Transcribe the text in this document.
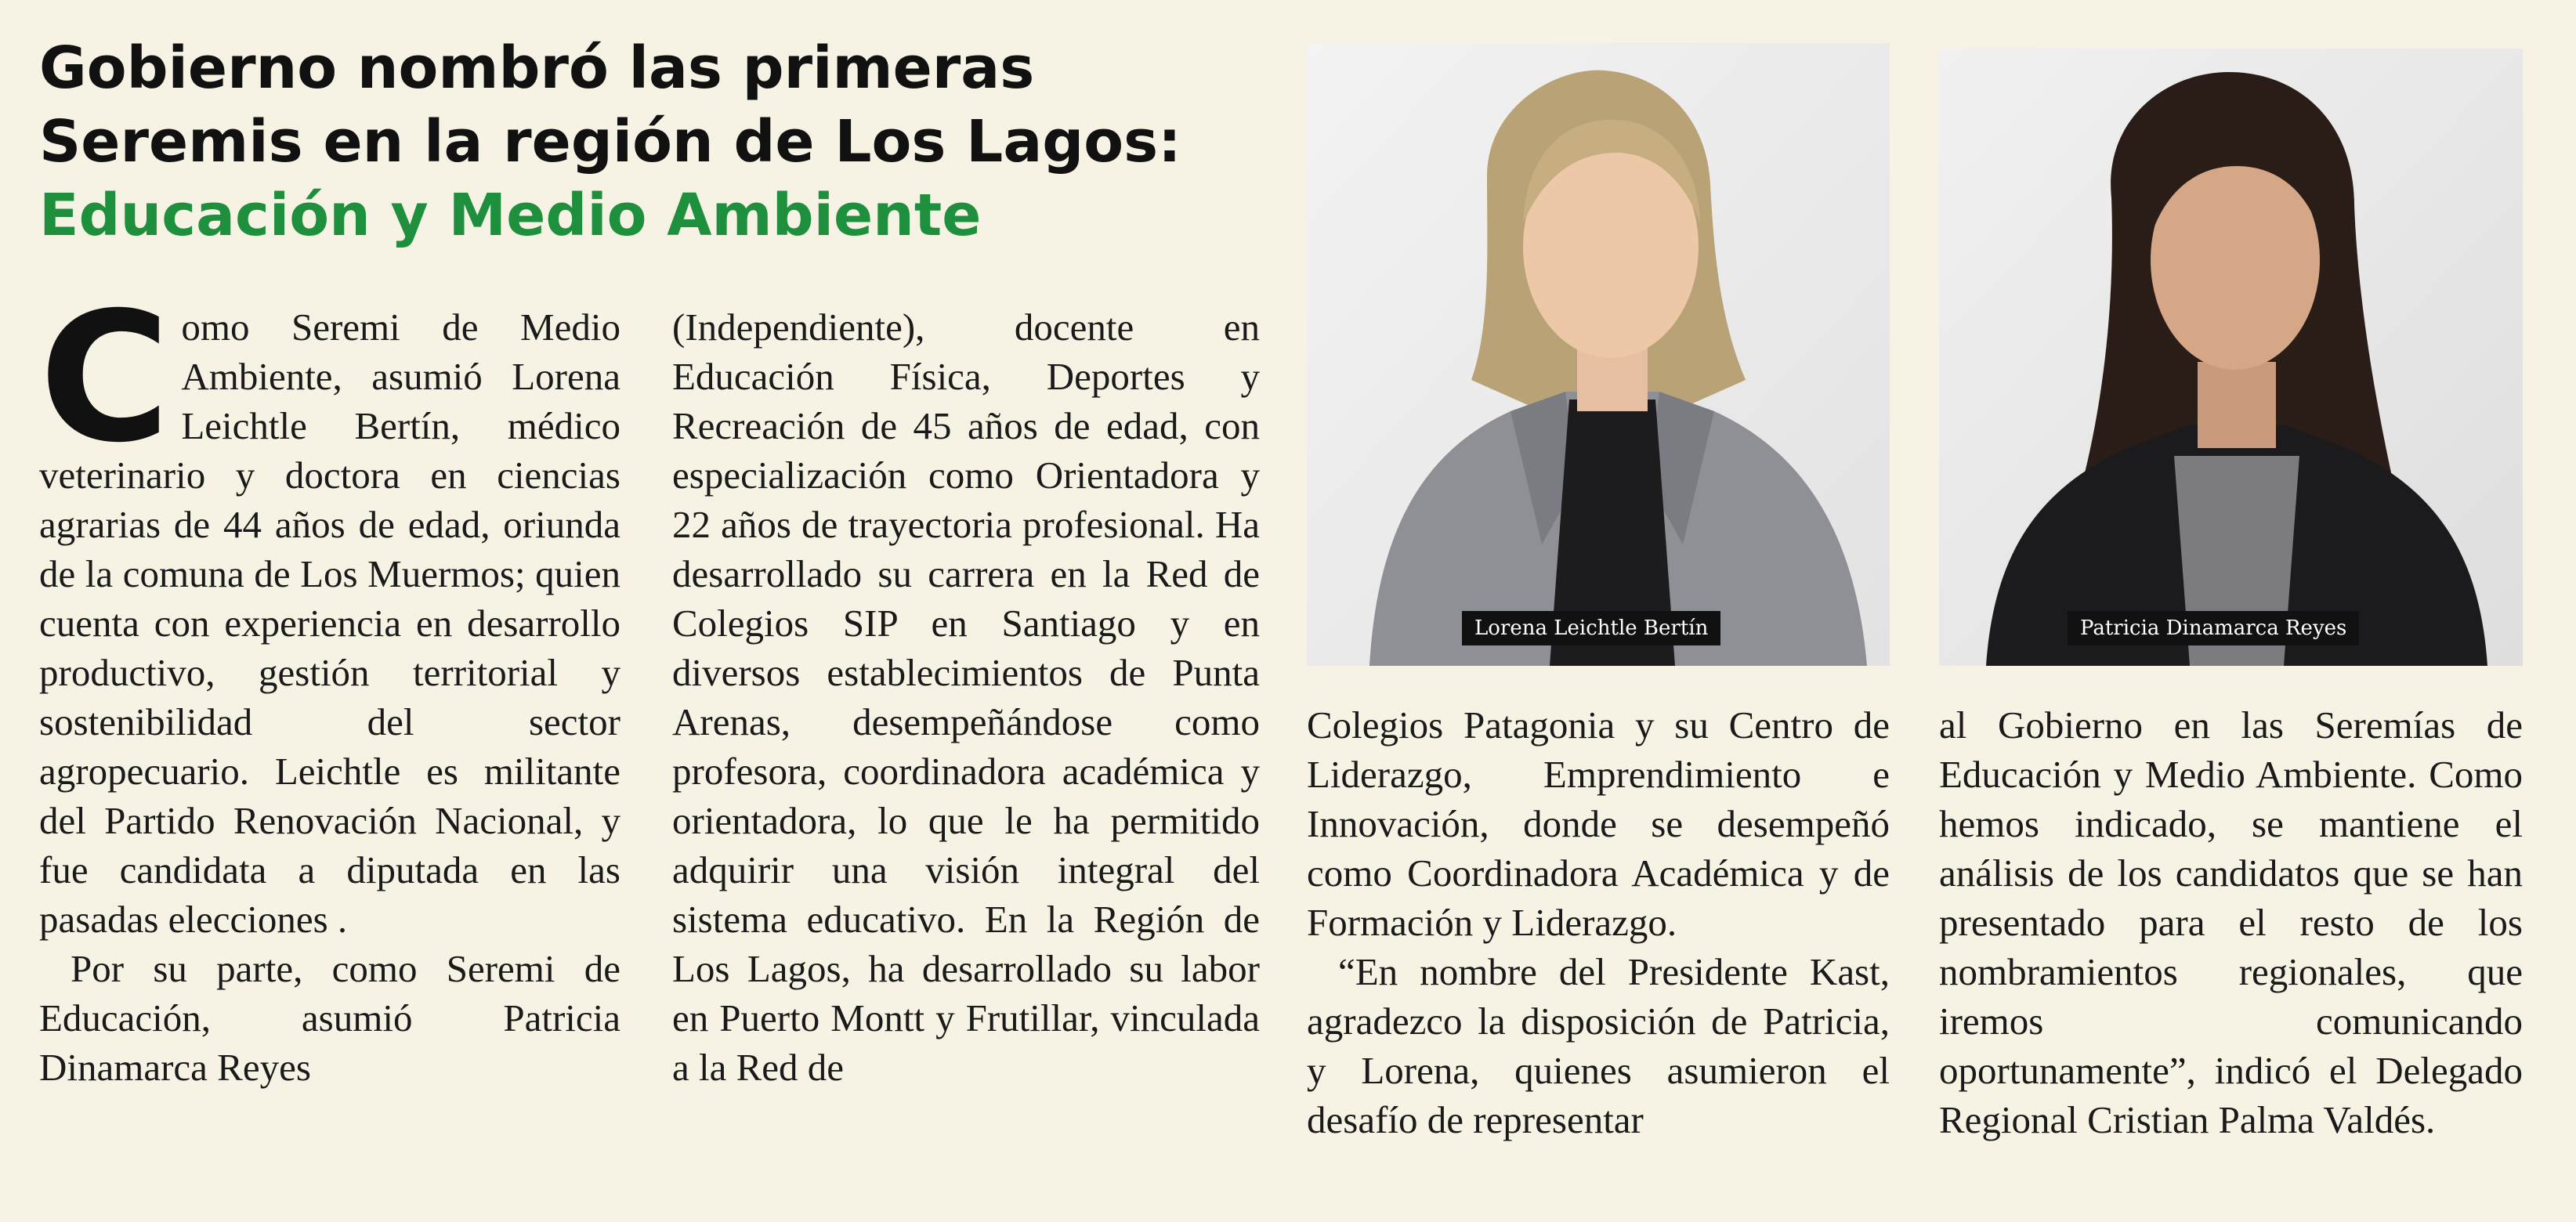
Gobierno nombró las primeras
Seremis en la región de Los Lagos:
Educación y Medio Ambiente

Como Seremi de Medio Ambiente, asumió Lorena Leichtle Bertín, médico veterinario y doctora en ciencias agrarias de 44 años de edad, oriunda de la comuna de Los Muermos; quien cuenta con experiencia en desarrollo productivo, gestión territorial y sostenibilidad del sector agropecuario. Leichtle es militante del Partido Renovación Nacional, y fue candidata a diputada en las pasadas elecciones .

Por su parte, como Seremi de Educación, asumió Patricia Dinamarca Reyes

(Independiente), docente en Educación Física, Deportes y Recreación de 45 años de edad, con especialización como Orientadora y 22 años de trayectoria profesional. Ha desarrollado su carrera en la Red de Colegios SIP en Santiago y en diversos establecimientos de Punta Arenas, desempeñándose como profesora, coordinadora académica y orientadora, lo que le ha permitido adquirir una visión integral del sistema educativo. En la Región de Los Lagos, ha desarrollado su labor en Puerto Montt y Frutillar, vinculada a la Red de

Lorena Leichtle Bertín	Patricia Dinamarca Reyes

Colegios Patagonia y su Centro de Liderazgo, Emprendimiento e Innovación, donde se desempeñó como Coordinadora Académica y de Formación y Liderazgo.

“En nombre del Presidente Kast, agradezco la disposición de Patricia, y Lorena, quienes asumieron el desafío de representar

al Gobierno en las Seremías de Educación y Medio Ambiente. Como hemos indicado, se mantiene el análisis de los candidatos que se han presentado para el resto de los nombramientos regionales, que iremos comunicando oportunamente”, indicó el Delegado Regional Cristian Palma Valdés.
